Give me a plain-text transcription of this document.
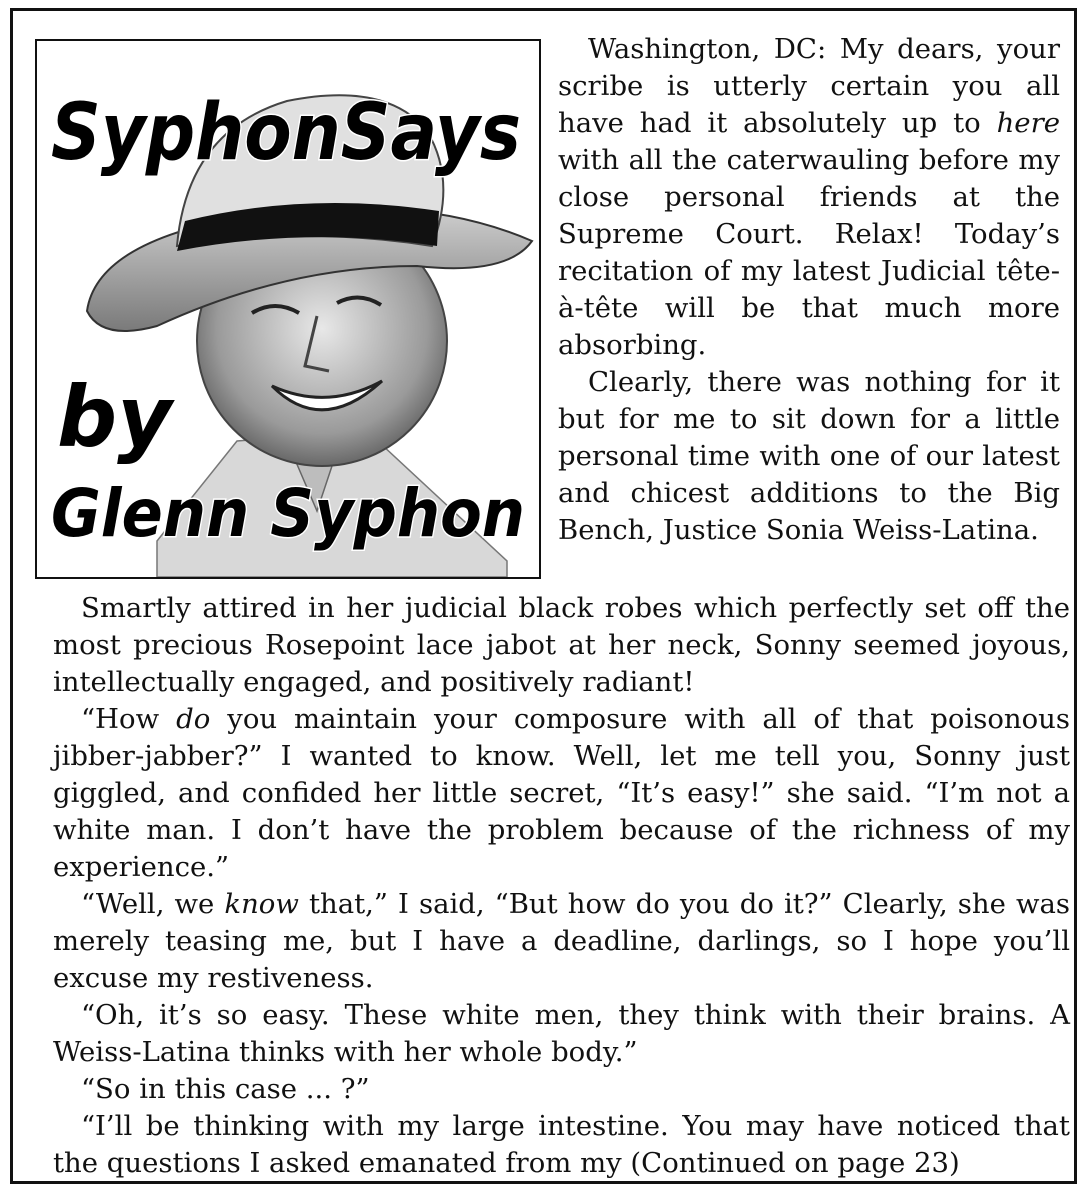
SyphonSays
by
Glenn Syphon

Washington, DC: My dears, your scribe is utterly certain you all have had it absolutely up to here with all the caterwauling before my close personal friends at the Supreme Court. Relax! Today’s recitation of my latest Judicial tête-à-tête will be that much more absorbing.

Clearly, there was nothing for it but for me to sit down for a little personal time with one of our latest and chicest additions to the Big Bench, Justice Sonia Weiss-Latina.

Smartly attired in her judicial black robes which perfectly set off the most precious Rosepoint lace jabot at her neck, Sonny seemed joyous, intellectually engaged, and positively radiant!

“How do you maintain your composure with all of that poisonous jibber-jabber?” I wanted to know. Well, let me tell you, Sonny just giggled, and confided her little secret, “It’s easy!” she said. “I’m not a white man. I don’t have the problem because of the richness of my experience.”

“Well, we know that,” I said, “But how do you do it?” Clearly, she was merely teasing me, but I have a deadline, darlings, so I hope you’ll excuse my restiveness.

“Oh, it’s so easy. These white men, they think with their brains. A Weiss-Latina thinks with her whole body.”

“So in this case ... ?”

“I’ll be thinking with my large intestine. You may have noticed that the questions I asked emanated from my (Continued on page 23)
